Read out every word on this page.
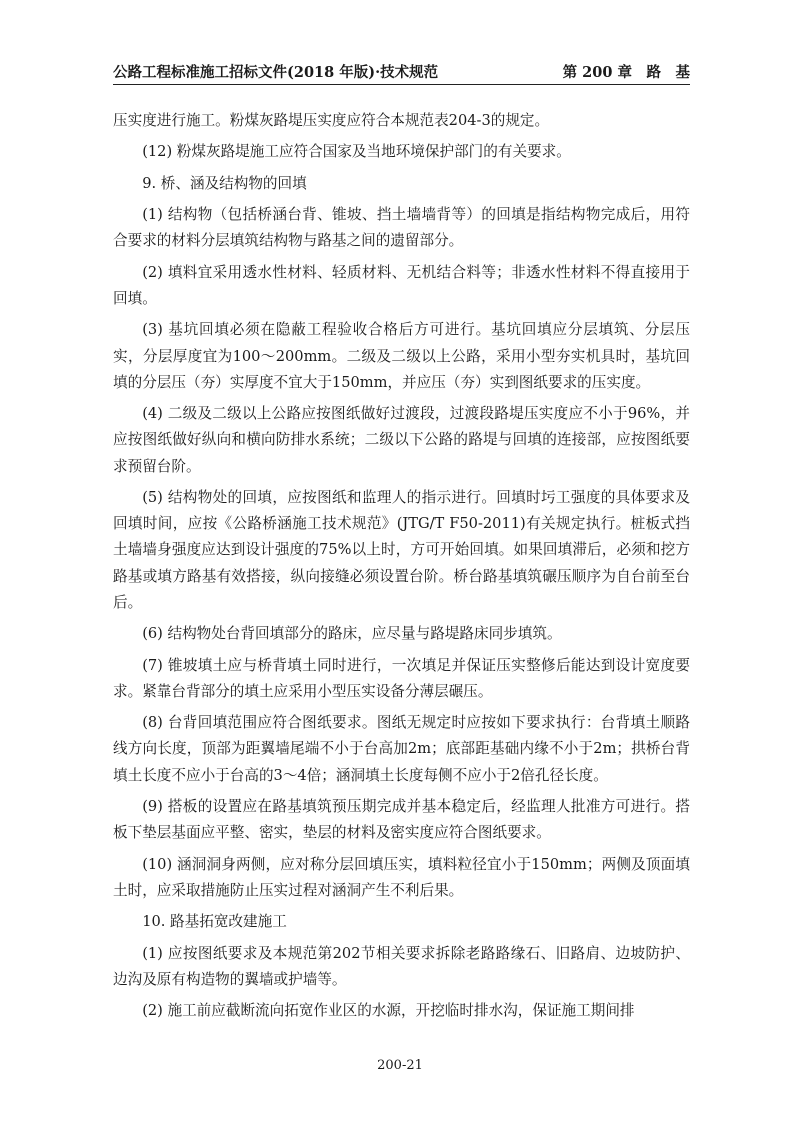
公路工程标准施工招标文件(2018 年版)·技术规范	第 200 章　路　基

压实度进行施工。粉煤灰路堤压实度应符合本规范表204-3的规定。

(12) 粉煤灰路堤施工应符合国家及当地环境保护部门的有关要求。

9. 桥、涵及结构物的回填

(1) 结构物（包括桥涵台背、锥坡、挡土墙墙背等）的回填是指结构物完成后，用符合要求的材料分层填筑结构物与路基之间的遗留部分。

(2) 填料宜采用透水性材料、轻质材料、无机结合料等；非透水性材料不得直接用于回填。

(3) 基坑回填必须在隐蔽工程验收合格后方可进行。基坑回填应分层填筑、分层压实，分层厚度宜为100～200mm。二级及二级以上公路，采用小型夯实机具时，基坑回填的分层压（夯）实厚度不宜大于150mm，并应压（夯）实到图纸要求的压实度。

(4) 二级及二级以上公路应按图纸做好过渡段，过渡段路堤压实度应不小于96%，并应按图纸做好纵向和横向防排水系统；二级以下公路的路堤与回填的连接部，应按图纸要求预留台阶。

(5) 结构物处的回填，应按图纸和监理人的指示进行。回填时圬工强度的具体要求及回填时间，应按《公路桥涵施工技术规范》(JTG/T F50-2011)有关规定执行。桩板式挡土墙墙身强度应达到设计强度的75%以上时，方可开始回填。如果回填滞后，必须和挖方路基或填方路基有效搭接，纵向接缝必须设置台阶。桥台路基填筑碾压顺序为自台前至台后。

(6) 结构物处台背回填部分的路床，应尽量与路堤路床同步填筑。

(7) 锥坡填土应与桥背填土同时进行，一次填足并保证压实整修后能达到设计宽度要求。紧靠台背部分的填土应采用小型压实设备分薄层碾压。

(8) 台背回填范围应符合图纸要求。图纸无规定时应按如下要求执行：台背填土顺路线方向长度，顶部为距翼墙尾端不小于台高加2m；底部距基础内缘不小于2m；拱桥台背填土长度不应小于台高的3～4倍；涵洞填土长度每侧不应小于2倍孔径长度。

(9) 搭板的设置应在路基填筑预压期完成并基本稳定后，经监理人批准方可进行。搭板下垫层基面应平整、密实，垫层的材料及密实度应符合图纸要求。

(10) 涵洞洞身两侧，应对称分层回填压实，填料粒径宜小于150mm；两侧及顶面填土时，应采取措施防止压实过程对涵洞产生不利后果。

10. 路基拓宽改建施工

(1) 应按图纸要求及本规范第202节相关要求拆除老路路缘石、旧路肩、边坡防护、边沟及原有构造物的翼墙或护墙等。

(2) 施工前应截断流向拓宽作业区的水源，开挖临时排水沟，保证施工期间排

200-21
